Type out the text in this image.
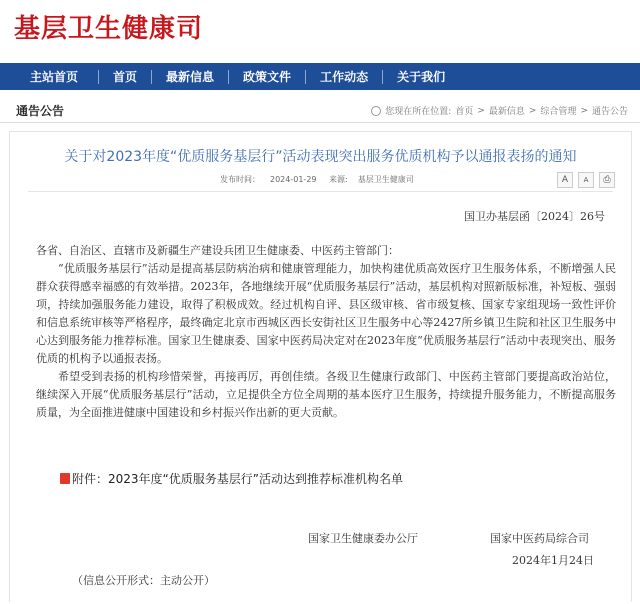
基层卫生健康司
主站首页	首页	最新信息	政策文件	工作动态	关于我们
通告公告	您现在所在位置: 首页 > 最新信息 > 综合管理 > 通告公告
关于对2023年度“优质服务基层行”活动表现突出服务优质机构予以通报表扬的通知
发布时间： 2024-01-29 来源: 基层卫生健康司	A	A	⎙
国卫办基层函〔2024〕26号

各省、自治区、直辖市及新疆生产建设兵团卫生健康委、中医药主管部门：

“优质服务基层行”活动是提高基层防病治病和健康管理能力，加快构建优质高效医疗卫生服务体系，不断增强人民群众获得感幸福感的有效举措。2023年，各地继续开展“优质服务基层行”活动，基层机构对照新版标准，补短板、强弱项，持续加强服务能力建设，取得了积极成效。经过机构自评、县区级审核、省市级复核、国家专家组现场一致性评价和信息系统审核等严格程序，最终确定北京市西城区西长安街社区卫生服务中心等2427所乡镇卫生院和社区卫生服务中心达到服务能力推荐标准。国家卫生健康委、国家中医药局决定对在2023年度“优质服务基层行”活动中表现突出、服务优质的机构予以通报表扬。

希望受到表扬的机构珍惜荣誉，再接再厉，再创佳绩。各级卫生健康行政部门、中医药主管部门要提高政治站位，继续深入开展“优质服务基层行”活动，立足提供全方位全周期的基本医疗卫生服务，持续提升服务能力，不断提高服务质量，为全面推进健康中国建设和乡村振兴作出新的更大贡献。

附件：2023年度“优质服务基层行”活动达到推荐标准机构名单
国家卫生健康委办公厅	国家中医药局综合司
2024年1月24日
（信息公开形式：主动公开）
